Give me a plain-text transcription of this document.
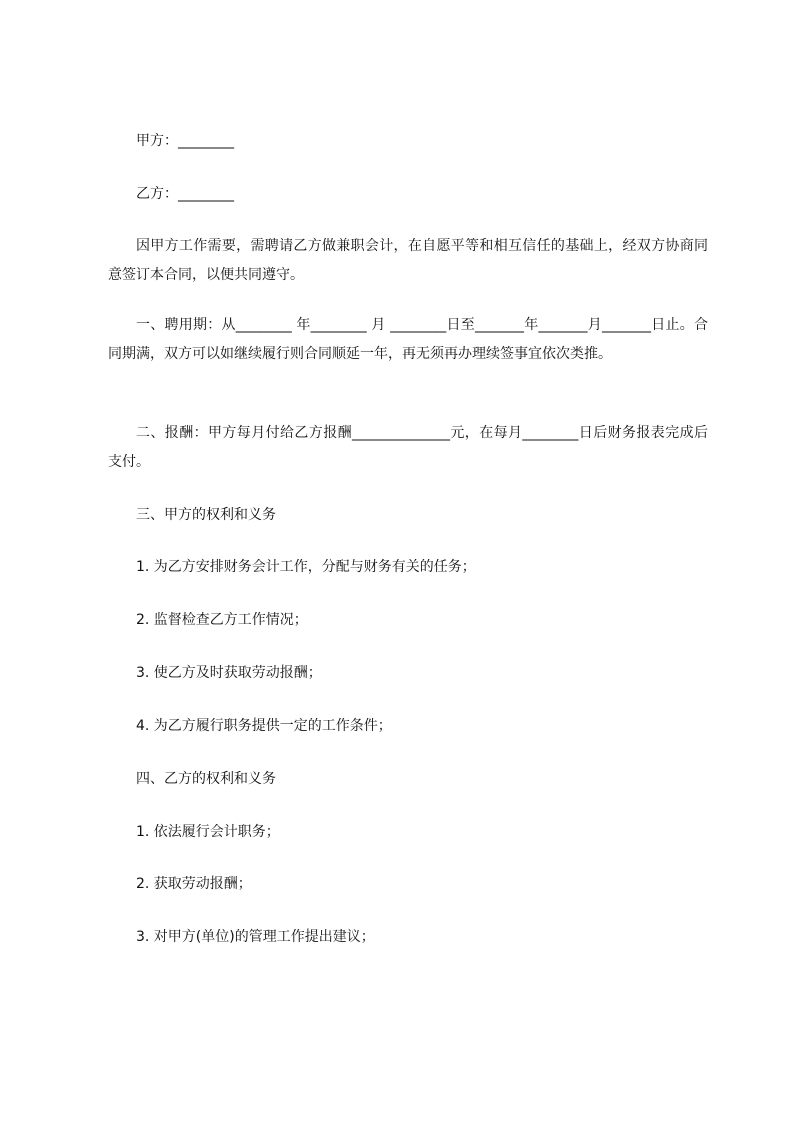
甲方：________

乙方：________

因甲方工作需要，需聘请乙方做兼职会计，在自愿平等和相互信任的基础上，经双方协商同意签订本合同，以便共同遵守。

一、聘用期：从________ 年________ 月 ________日至_______年_______月_______日止。合同期满，双方可以如继续履行则合同顺延一年，再无须再办理续签事宜依次类推。

二、报酬：甲方每月付给乙方报酬______________元，在每月________日后财务报表完成后支付。

三、甲方的权利和义务

1. 为乙方安排财务会计工作，分配与财务有关的任务；

2. 监督检查乙方工作情况；

3. 使乙方及时获取劳动报酬；

4. 为乙方履行职务提供一定的工作条件；

四、乙方的权利和义务

1. 依法履行会计职务；

2. 获取劳动报酬；

3. 对甲方(单位)的管理工作提出建议；
